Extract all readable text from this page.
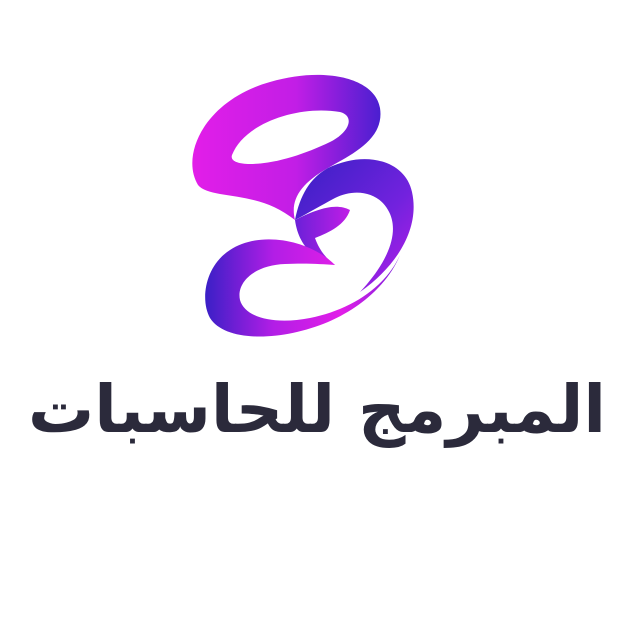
المبرمج للحاسبات
